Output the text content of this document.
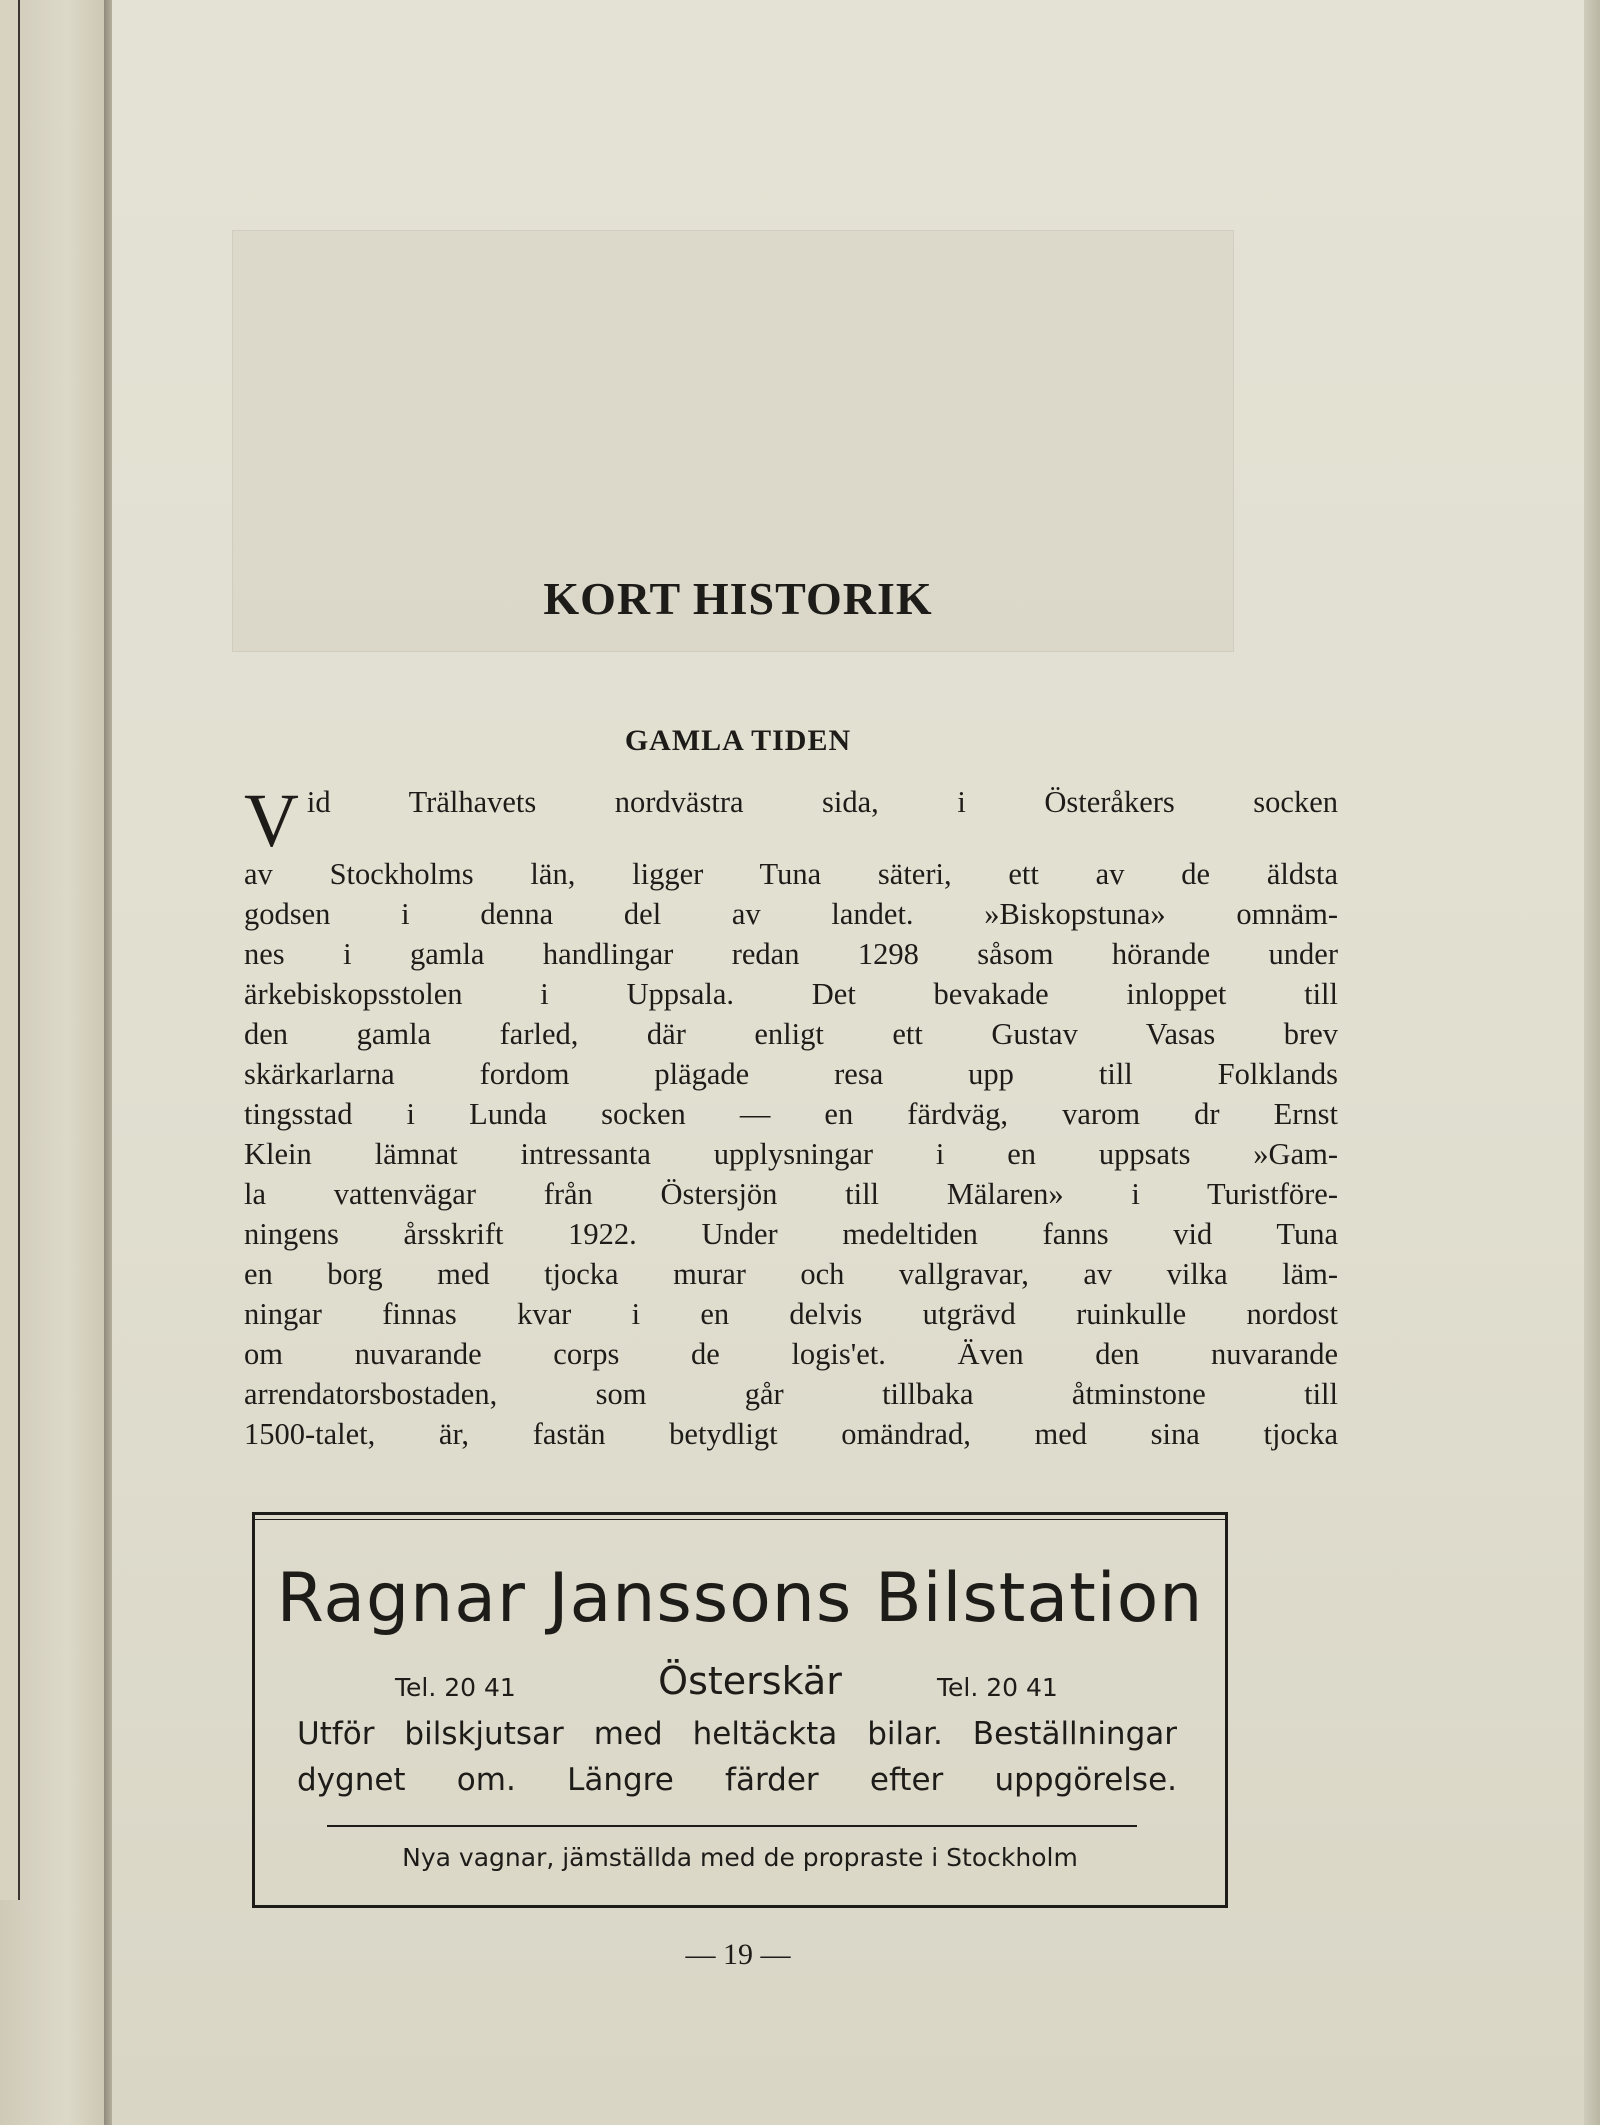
KORT HISTORIK
GAMLA TIDEN
V id Trälhavets nordvästra sida, i Österåkers socken
av Stockholms län, ligger Tuna säteri, ett av de äldsta
godsen i denna del av landet. »Biskopstuna» omnäm-
nes i gamla handlingar redan 1298 såsom hörande under
ärkebiskopsstolen i Uppsala. Det bevakade inloppet till
den gamla farled, där enligt ett Gustav Vasas brev
skärkarlarna fordom plägade resa upp till Folklands
tingsstad i Lunda socken — en färdväg, varom dr Ernst
Klein lämnat intressanta upplysningar i en uppsats »Gam-
la vattenvägar från Östersjön till Mälaren» i Turistföre-
ningens årsskrift 1922. Under medeltiden fanns vid Tuna
en borg med tjocka murar och vallgravar, av vilka läm-
ningar finnas kvar i en delvis utgrävd ruinkulle nordost
om nuvarande corps de logis'et. Även den nuvarande
arrendatorsbostaden, som går tillbaka åtminstone till
1500-talet, är, fastän betydligt omändrad, med sina tjocka
Ragnar Janssons Bilstation
Tel. 20 41	Österskär	Tel. 20 41
Utför bilskjutsar med heltäckta bilar. Beställningar
dygnet om. Längre färder efter uppgörelse.
Nya vagnar, jämställda med de propraste i Stockholm
— 19 —
